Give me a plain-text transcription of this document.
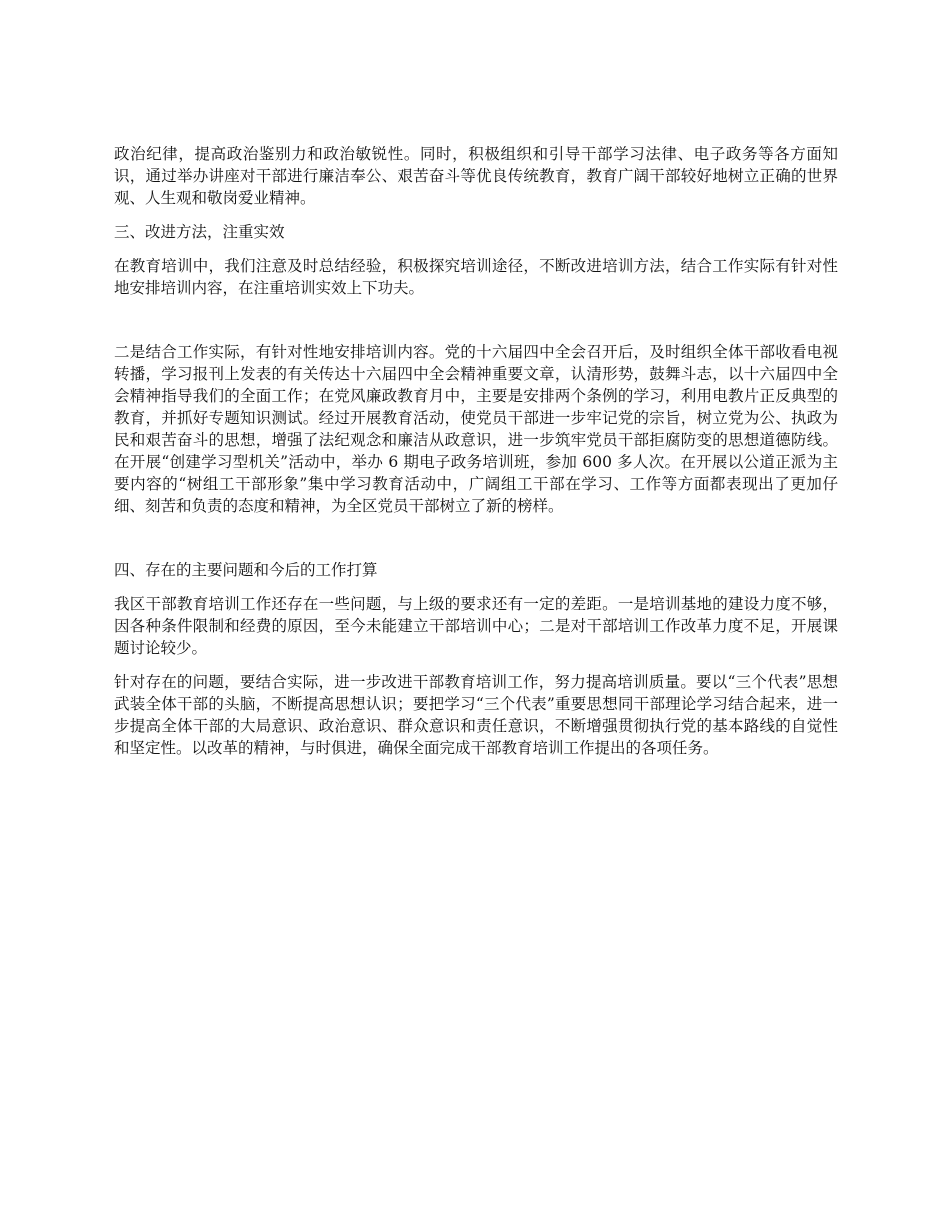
政治纪律，提高政治鉴别力和政治敏锐性。同时，积极组织和引导干部学习法律、电子政务等各方面知识，通过举办讲座对干部进行廉洁奉公、艰苦奋斗等优良传统教育，教育广阔干部较好地树立正确的世界观、人生观和敬岗爱业精神。

三、改进方法，注重实效

在教育培训中，我们注意及时总结经验，积极探究培训途径，不断改进培训方法，结合工作实际有针对性地安排培训内容，在注重培训实效上下功夫。

二是结合工作实际，有针对性地安排培训内容。党的十六届四中全会召开后，及时组织全体干部收看电视转播，学习报刊上发表的有关传达十六届四中全会精神重要文章，认清形势，鼓舞斗志，以十六届四中全会精神指导我们的全面工作；在党风廉政教育月中，主要是安排两个条例的学习，利用电教片正反典型的教育，并抓好专题知识测试。经过开展教育活动，使党员干部进一步牢记党的宗旨，树立党为公、执政为民和艰苦奋斗的思想，增强了法纪观念和廉洁从政意识，进一步筑牢党员干部拒腐防变的思想道德防线。在开展“创建学习型机关”活动中，举办 6 期电子政务培训班，参加 600 多人次。在开展以公道正派为主要内容的“树组工干部形象”集中学习教育活动中，广阔组工干部在学习、工作等方面都表现出了更加仔细、刻苦和负责的态度和精神，为全区党员干部树立了新的榜样。

四、存在的主要问题和今后的工作打算

我区干部教育培训工作还存在一些问题，与上级的要求还有一定的差距。一是培训基地的建设力度不够，因各种条件限制和经费的原因，至今未能建立干部培训中心；二是对干部培训工作改革力度不足，开展课题讨论较少。

针对存在的问题，要结合实际，进一步改进干部教育培训工作，努力提高培训质量。要以“三个代表”思想武装全体干部的头脑，不断提高思想认识；要把学习“三个代表”重要思想同干部理论学习结合起来，进一步提高全体干部的大局意识、政治意识、群众意识和责任意识，不断增强贯彻执行党的基本路线的自觉性和坚定性。以改革的精神，与时俱进，确保全面完成干部教育培训工作提出的各项任务。
